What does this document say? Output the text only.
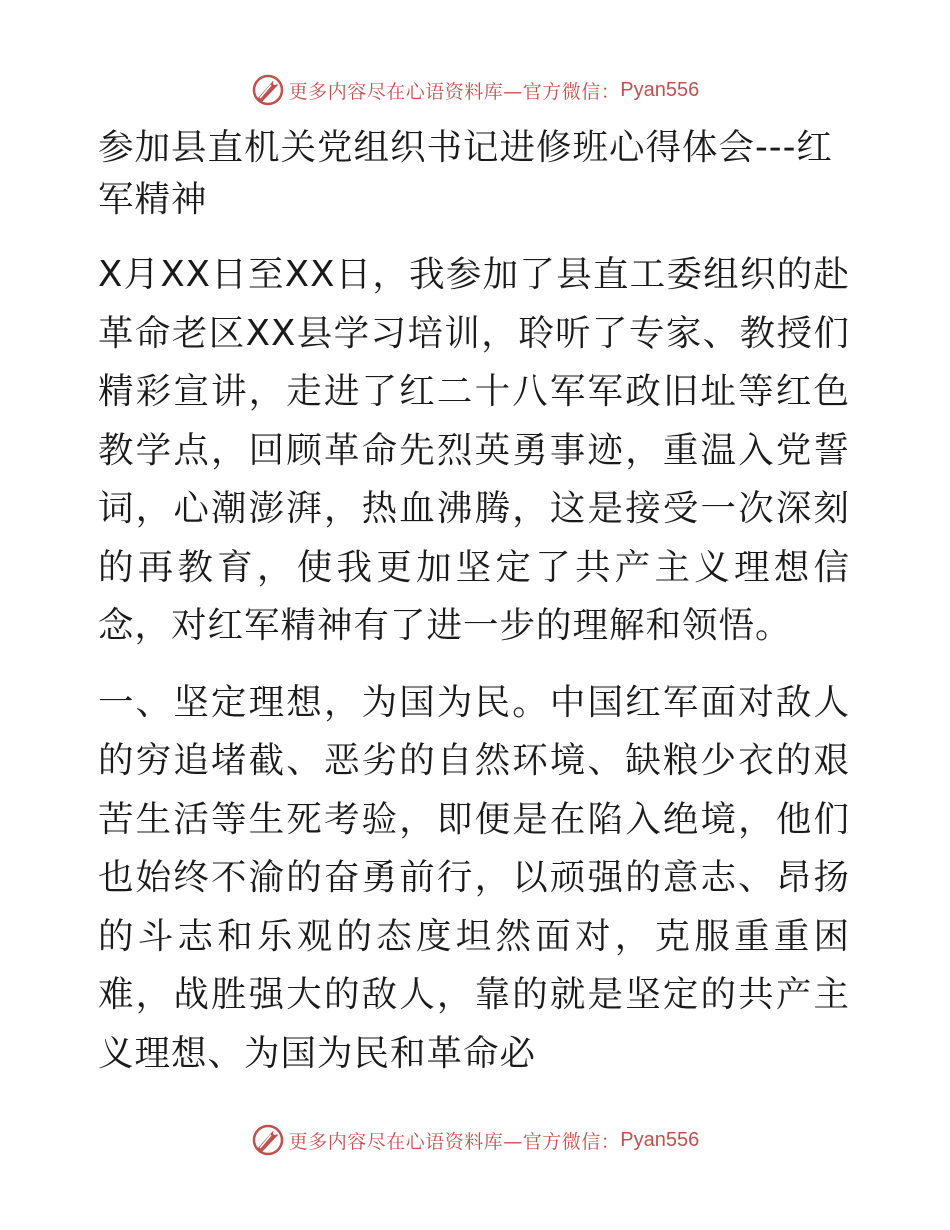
更多内容尽在心语资料库—官方微信： Pyan556
参加县直机关党组织书记进修班心得体会---红军精神

X月XX日至XX日，我参加了县直工委组织的赴革命老区XX县学习培训，聆听了专家、教授们精彩宣讲，走进了红二十八军军政旧址等红色教学点，回顾革命先烈英勇事迹，重温入党誓词，心潮澎湃，热血沸腾，这是接受一次深刻的再教育，使我更加坚定了共产主义理想信念，对红军精神有了进一步的理解和领悟。

一、坚定理想，为国为民。中国红军面对敌人的穷追堵截、恶劣的自然环境、缺粮少衣的艰苦生活等生死考验，即便是在陷入绝境，他们也始终不渝的奋勇前行，以顽强的意志、昂扬的斗志和乐观的态度坦然面对，克服重重困难，战胜强大的敌人，靠的就是坚定的共产主义理想、为国为民和革命必

更多内容尽在心语资料库—官方微信： Pyan556
